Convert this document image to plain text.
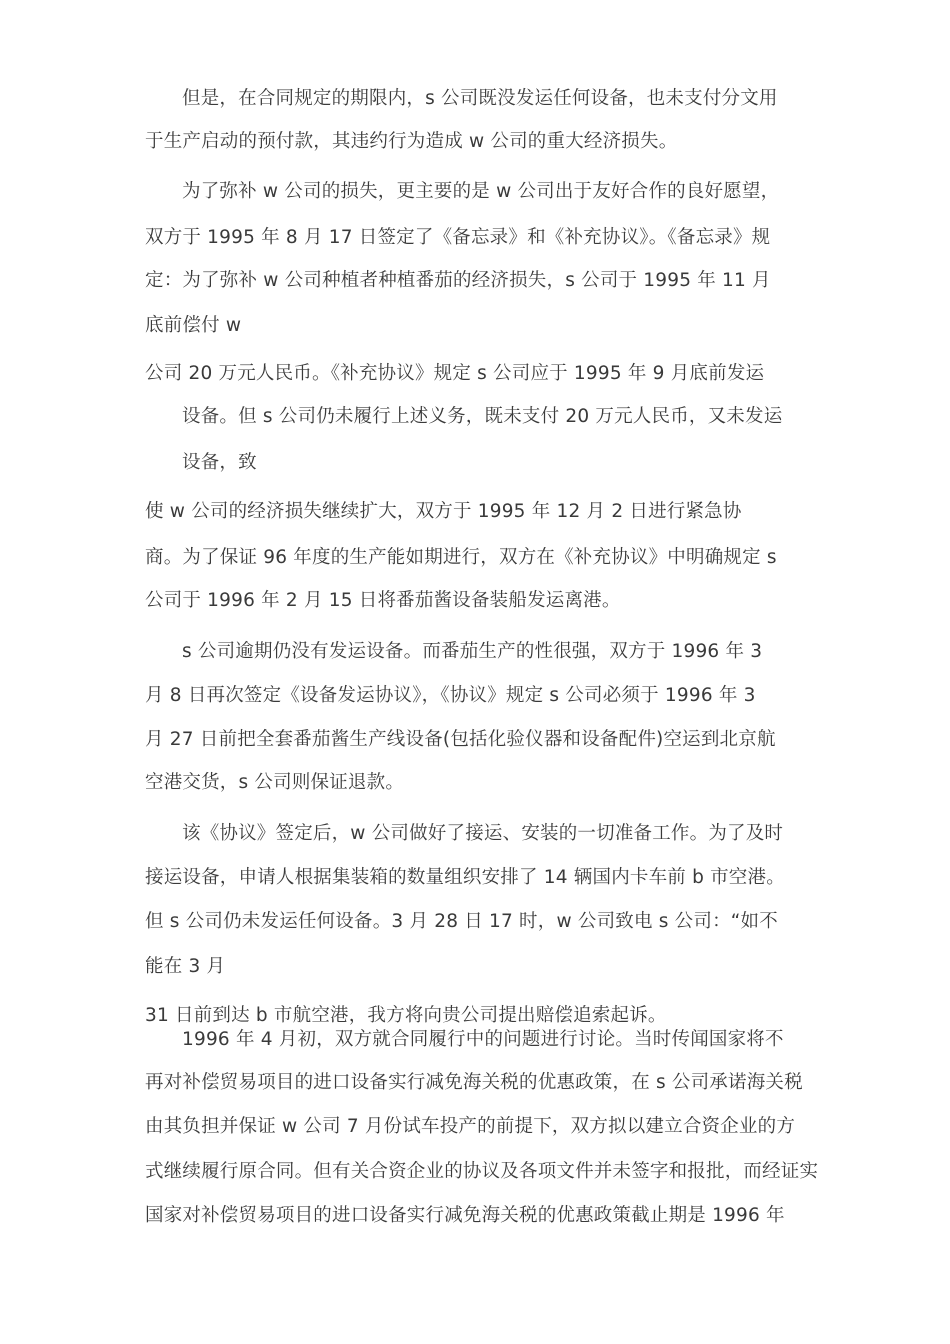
但是，在合同规定的期限内，s 公司既没发运任何设备，也未支付分文用
于生产启动的预付款，其违约行为造成 w 公司的重大经济损失。
为了弥补 w 公司的损失，更主要的是 w 公司出于友好合作的良好愿望，
双方于 1995 年 8 月 17 日签定了《备忘录》和《补充协议》。《备忘录》规
定：为了弥补 w 公司种植者种植番茄的经济损失，s 公司于 1995 年 11 月
底前偿付 w
公司 20 万元人民币。《补充协议》规定 s 公司应于 1995 年 9 月底前发运
设备。但 s 公司仍未履行上述义务，既未支付 20 万元人民币，又未发运
设备，致
使 w 公司的经济损失继续扩大，双方于 1995 年 12 月 2 日进行紧急协
商。为了保证 96 年度的生产能如期进行，双方在《补充协议》中明确规定 s
公司于 1996 年 2 月 15 日将番茄酱设备装船发运离港。
s 公司逾期仍没有发运设备。而番茄生产的性很强，双方于 1996 年 3
月 8 日再次签定《设备发运协议》，《协议》规定 s 公司必须于 1996 年 3
月 27 日前把全套番茄酱生产线设备(包括化验仪器和设备配件)空运到北京航
空港交货，s 公司则保证退款。
该《协议》签定后，w 公司做好了接运、安装的一切准备工作。为了及时
接运设备，申请人根据集装箱的数量组织安排了 14 辆国内卡车前 b 市空港。
但 s 公司仍未发运任何设备。3 月 28 日 17 时，w 公司致电 s 公司：“如不
能在 3 月
31 日前到达 b 市航空港，我方将向贵公司提出赔偿追索起诉。
1996 年 4 月初，双方就合同履行中的问题进行讨论。当时传闻国家将不
再对补偿贸易项目的进口设备实行减免海关税的优惠政策，在 s 公司承诺海关税
由其负担并保证 w 公司 7 月份试车投产的前提下，双方拟以建立合资企业的方
式继续履行原合同。但有关合资企业的协议及各项文件并未签字和报批，而经证实
国家对补偿贸易项目的进口设备实行减免海关税的优惠政策截止期是 1996 年
